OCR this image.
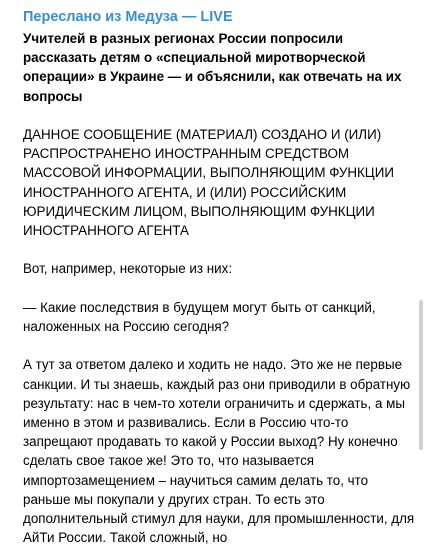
Переслано из Медуза — LIVE

Учителей в разных регионах России попросили рассказать детям о «специальной миротворческой операции» в Украине — и объяснили, как отвечать на их вопросы

ДАННОЕ СООБЩЕНИЕ (МАТЕРИАЛ) СОЗДАНО И (ИЛИ) РАСПРОСТРАНЕНО ИНОСТРАННЫМ СРЕДСТВОМ МАССОВОЙ ИНФОРМАЦИИ, ВЫПОЛНЯЮЩИМ ФУНКЦИИ ИНОСТРАННОГО АГЕНТА, И (ИЛИ) РОССИЙСКИМ ЮРИДИЧЕСКИМ ЛИЦОМ, ВЫПОЛНЯЮЩИМ ФУНКЦИИ ИНОСТРАННОГО АГЕНТА

Вот, например, некоторые из них:

— Какие последствия в будущем могут быть от санкций, наложенных на Россию сегодня?

А тут за ответом далеко и ходить не надо. Это же не первые санкции. И ты знаешь, каждый раз они приводили в обратную результату: нас в чем-то хотели ограничить и сдержать, а мы именно в этом и развивались. Если в Россию что-то запрещают продавать то какой у России выход? Ну конечно сделать свое такое же! Это то, что называется импортозамещением – научиться самим делать то, что раньше мы покупали у других стран. То есть это дополнительный стимул для науки, для промышленности, для АйТи России. Такой сложный, но
